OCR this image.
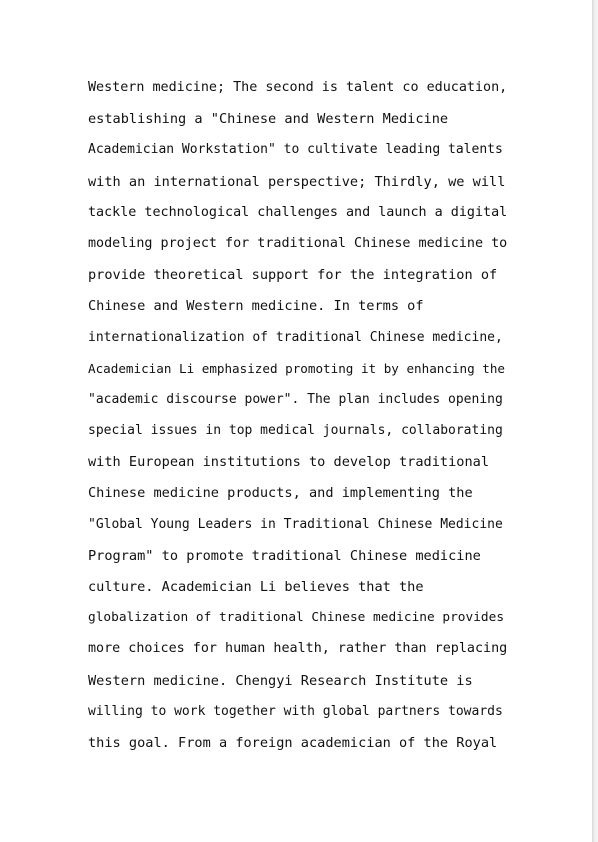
Western medicine; The second is talent co education,
establishing a "Chinese and Western Medicine
Academician Workstation" to cultivate leading talents
with an international perspective; Thirdly, we will
tackle technological challenges and launch a digital
modeling project for traditional Chinese medicine to
provide theoretical support for the integration of
Chinese and Western medicine. In terms of
internationalization of traditional Chinese medicine,
Academician Li emphasized promoting it by enhancing the
"academic discourse power". The plan includes opening
special issues in top medical journals, collaborating
with European institutions to develop traditional
Chinese medicine products, and implementing the
"Global Young Leaders in Traditional Chinese Medicine
Program" to promote traditional Chinese medicine
culture. Academician Li believes that the
globalization of traditional Chinese medicine provides
more choices for human health, rather than replacing
Western medicine. Chengyi Research Institute is
willing to work together with global partners towards
this goal. From a foreign academician of the Royal
